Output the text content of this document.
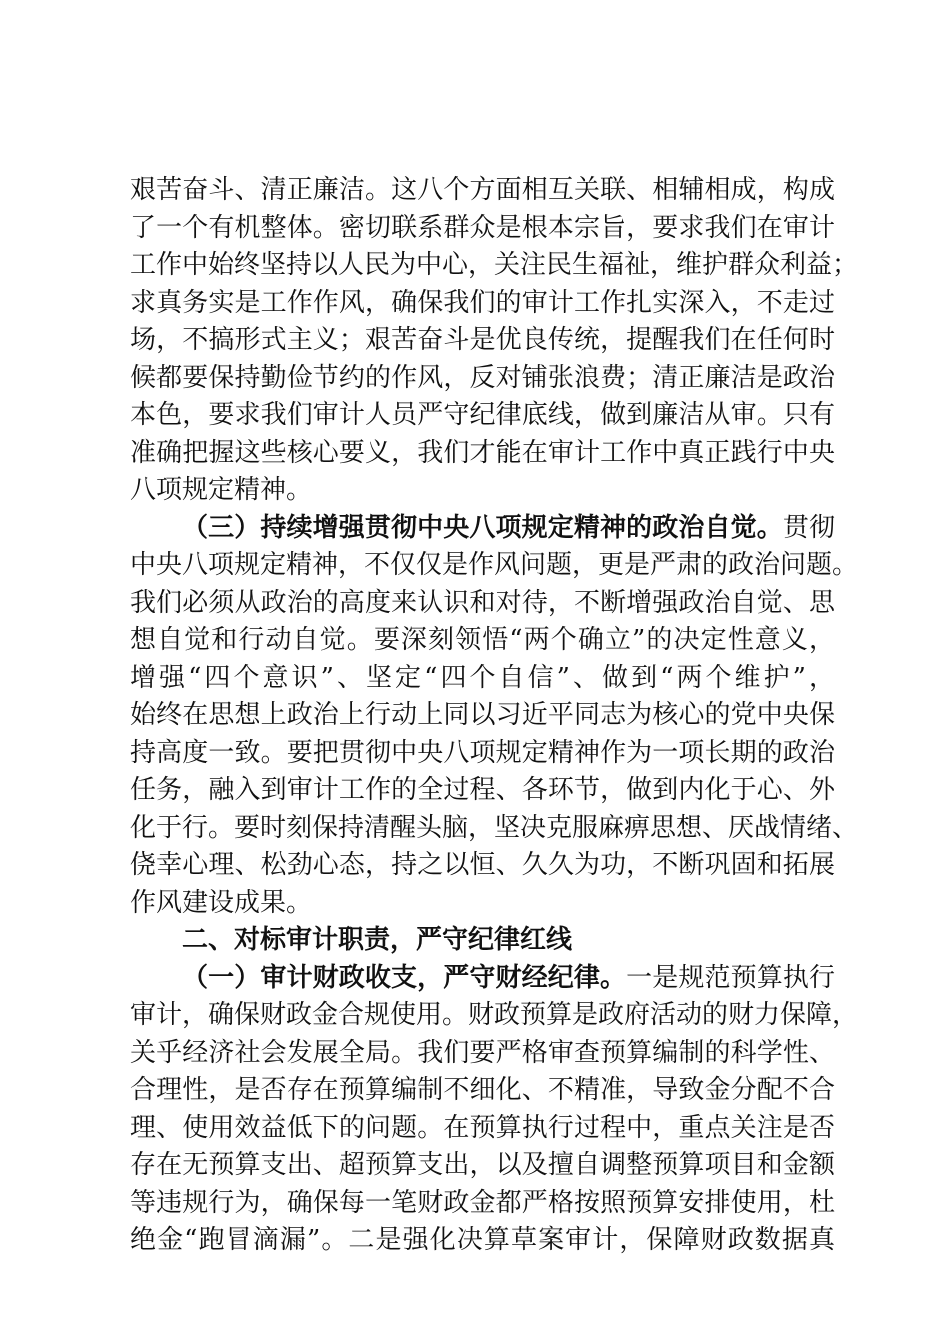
艰苦奋斗、清正廉洁。这八个方面相互关联、相辅相成，构成
了一个有机整体。密切联系群众是根本宗旨，要求我们在审计
工作中始终坚持以人民为中心，关注民生福祉，维护群众利益；
求真务实是工作作风，确保我们的审计工作扎实深入，不走过
场，不搞形式主义；艰苦奋斗是优良传统，提醒我们在任何时
候都要保持勤俭节约的作风，反对铺张浪费；清正廉洁是政治
本色，要求我们审计人员严守纪律底线，做到廉洁从审。只有
准确把握这些核心要义，我们才能在审计工作中真正践行中央
八项规定精神。
（三）持续增强贯彻中央八项规定精神的政治自觉。贯彻
中央八项规定精神，不仅仅是作风问题，更是严肃的政治问题。
我们必须从政治的高度来认识和对待，不断增强政治自觉、思
想自觉和行动自觉。要深刻领悟“两个确立”的决定性意义，
增强“四个意识”、坚定“四个自信”、做到“两个维护”，
始终在思想上政治上行动上同以习近平同志为核心的党中央保
持高度一致。要把贯彻中央八项规定精神作为一项长期的政治
任务，融入到审计工作的全过程、各环节，做到内化于心、外
化于行。要时刻保持清醒头脑，坚决克服麻痹思想、厌战情绪、
侥幸心理、松劲心态，持之以恒、久久为功，不断巩固和拓展
作风建设成果。
二、对标审计职责，严守纪律红线
（一）审计财政收支，严守财经纪律。一是规范预算执行
审计，确保财政金合规使用。财政预算是政府活动的财力保障，
关乎经济社会发展全局。我们要严格审查预算编制的科学性、
合理性，是否存在预算编制不细化、不精准，导致金分配不合
理、使用效益低下的问题。在预算执行过程中，重点关注是否
存在无预算支出、超预算支出，以及擅自调整预算项目和金额
等违规行为，确保每一笔财政金都严格按照预算安排使用，杜
绝金“跑冒滴漏”。二是强化决算草案审计，保障财政数据真
